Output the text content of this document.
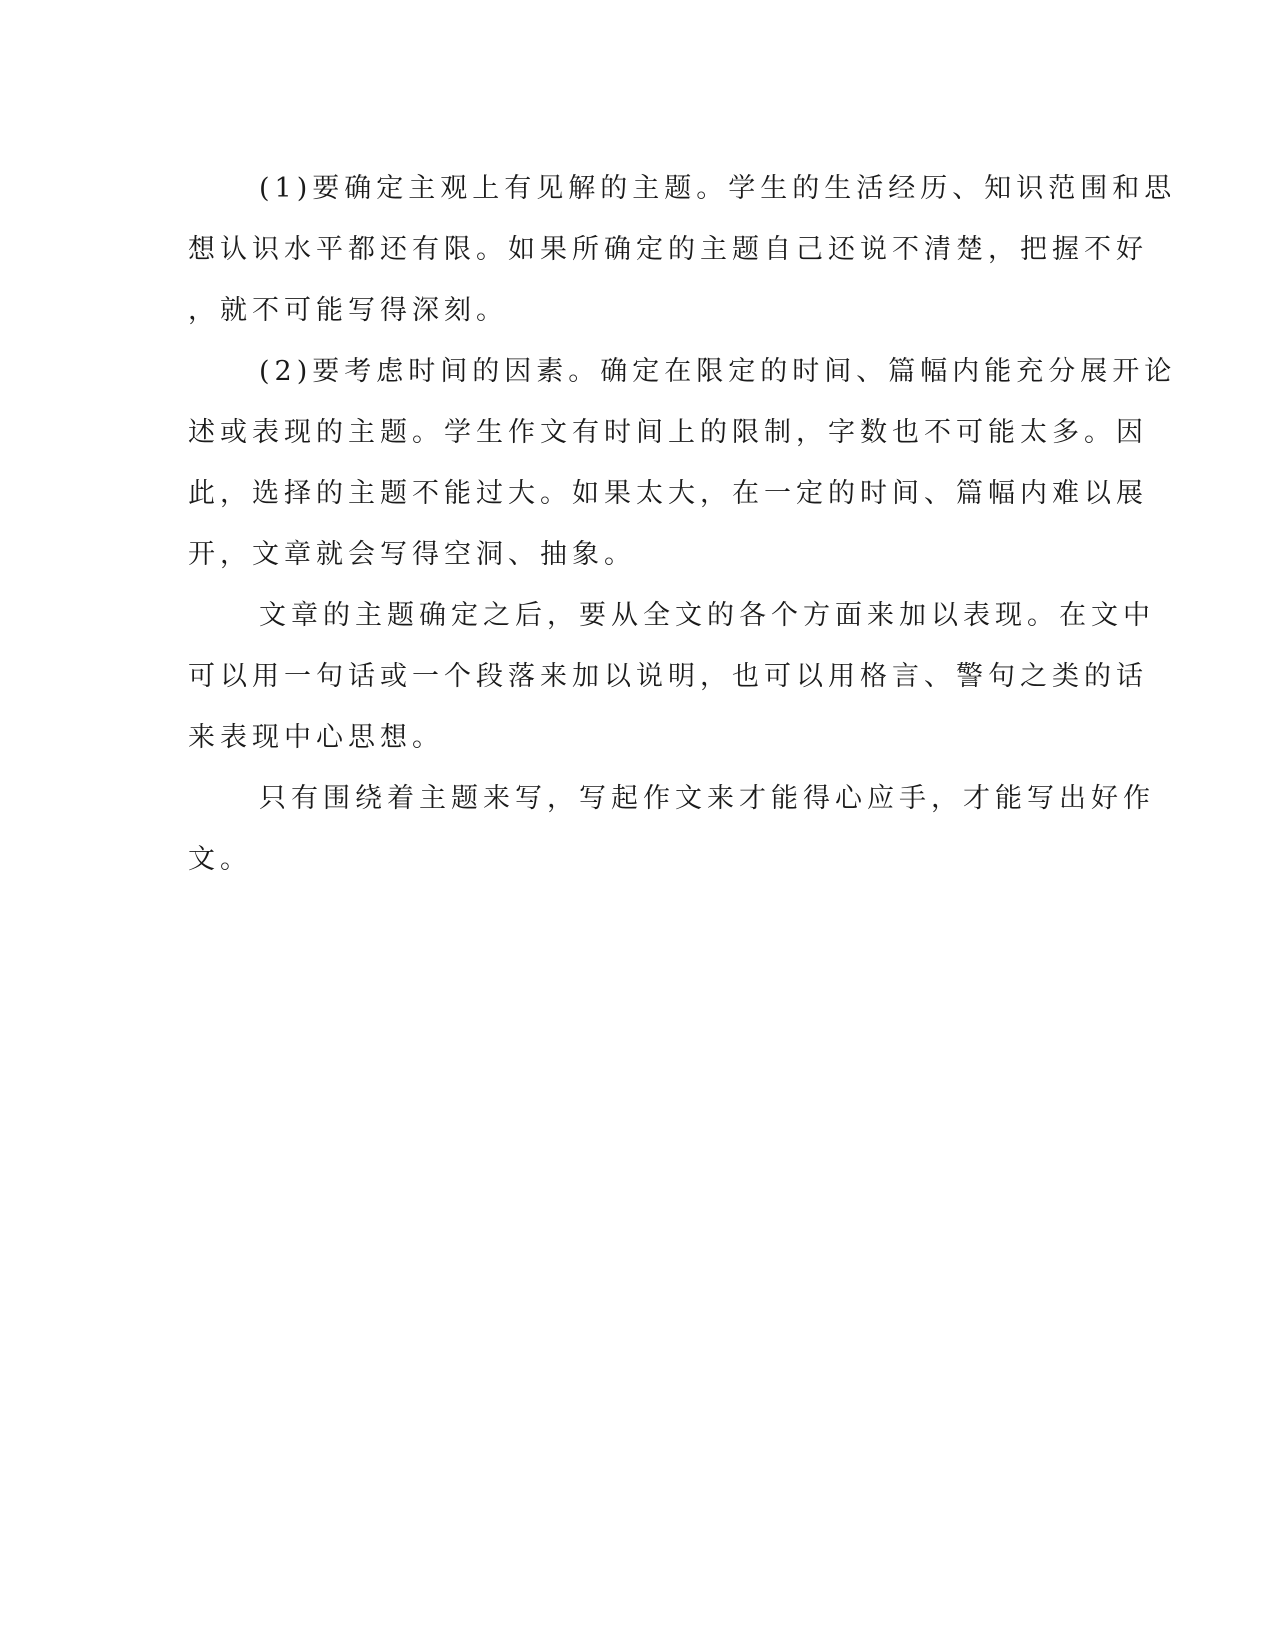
(1)要确定主观上有见解的主题。学生的生活经历、知识范围和思
想认识水平都还有限。如果所确定的主题自己还说不清楚，把握不好
，就不可能写得深刻。
(2)要考虑时间的因素。确定在限定的时间、篇幅内能充分展开论
述或表现的主题。学生作文有时间上的限制，字数也不可能太多。因
此，选择的主题不能过大。如果太大，在一定的时间、篇幅内难以展
开，文章就会写得空洞、抽象。
文章的主题确定之后，要从全文的各个方面来加以表现。在文中
可以用一句话或一个段落来加以说明，也可以用格言、警句之类的话
来表现中心思想。
只有围绕着主题来写，写起作文来才能得心应手，才能写出好作
文。
